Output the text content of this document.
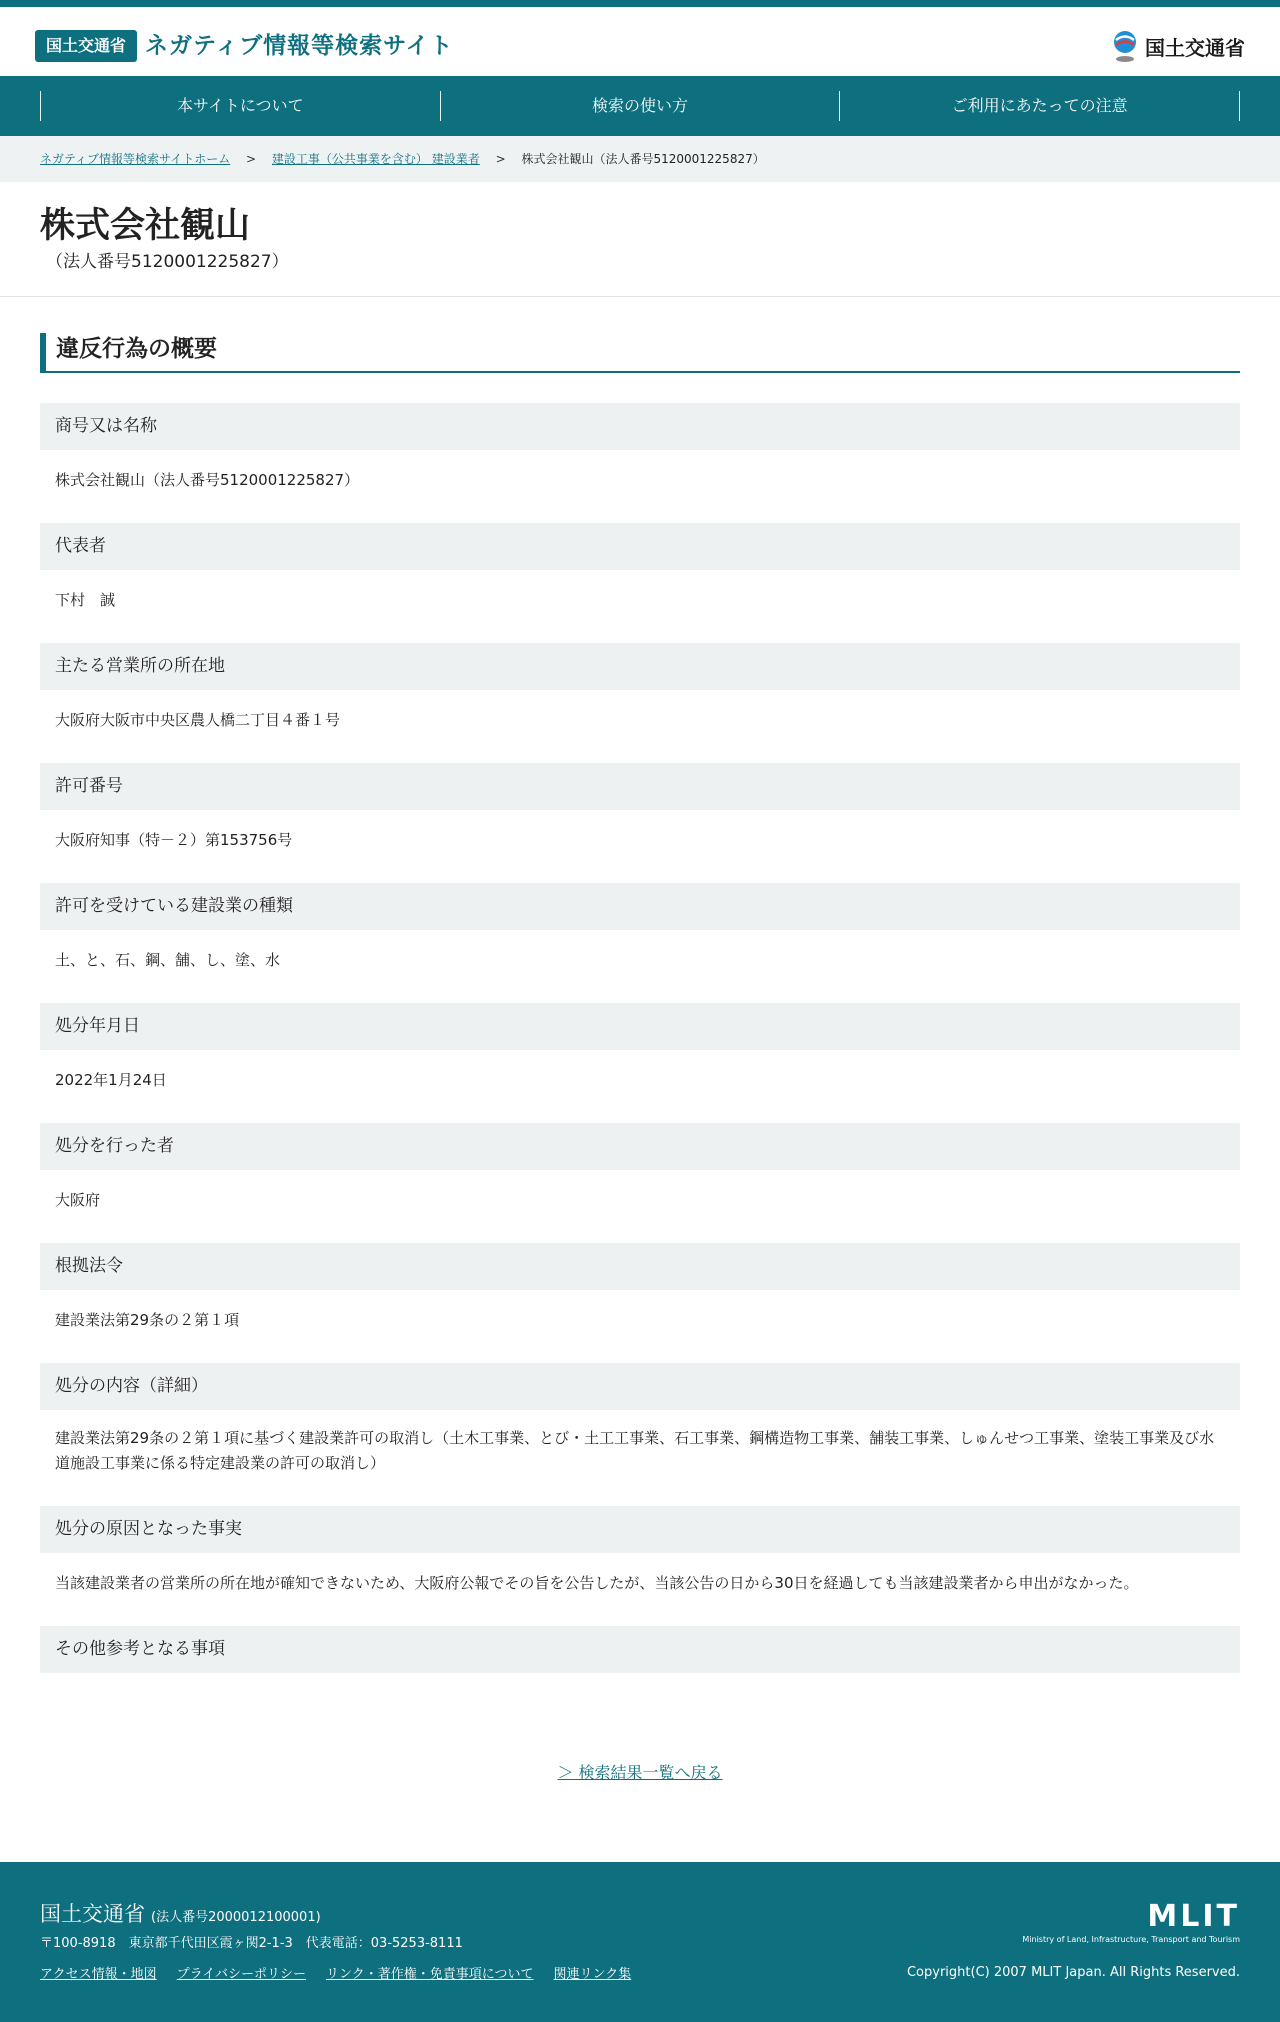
国土交通省 ネガティブ情報等検索サイト	国土交通省
本サイトについて	検索の使い方	ご利用にあたっての注意
ネガティブ情報等検索サイトホーム > 建設工事（公共事業を含む） 建設業者 > 株式会社観山（法人番号5120001225827）
株式会社観山
（法人番号5120001225827）
違反行為の概要
商号又は名称
株式会社観山（法人番号5120001225827）
代表者
下村　誠
主たる営業所の所在地
大阪府大阪市中央区農人橋二丁目４番１号
許可番号
大阪府知事（特－２）第153756号
許可を受けている建設業の種類
土、と、石、鋼、舗、し、塗、水
処分年月日
2022年1月24日
処分を行った者
大阪府
根拠法令
建設業法第29条の２第１項
処分の内容（詳細）
建設業法第29条の２第１項に基づく建設業許可の取消し（土木工事業、とび・土工工事業、石工事業、鋼構造物工事業、舗装工事業、しゅんせつ工事業、塗装工事業及び水道施設工事業に係る特定建設業の許可の取消し）
処分の原因となった事実
当該建設業者の営業所の所在地が確知できないため、大阪府公報でその旨を公告したが、当該公告の日から30日を経過しても当該建設業者から申出がなかった。
その他参考となる事項
＞ 検索結果一覧へ戻る
国土交通省 (法人番号2000012100001)
〒100-8918　東京都千代田区霞ヶ関2-1-3　代表電話：03-5253-8111
アクセス情報・地図 プライバシーポリシー リンク・著作権・免責事項について 関連リンク集
MLIT
Ministry of Land, Infrastructure, Transport and Tourism
Copyright(C) 2007 MLIT Japan. All Rights Reserved.
